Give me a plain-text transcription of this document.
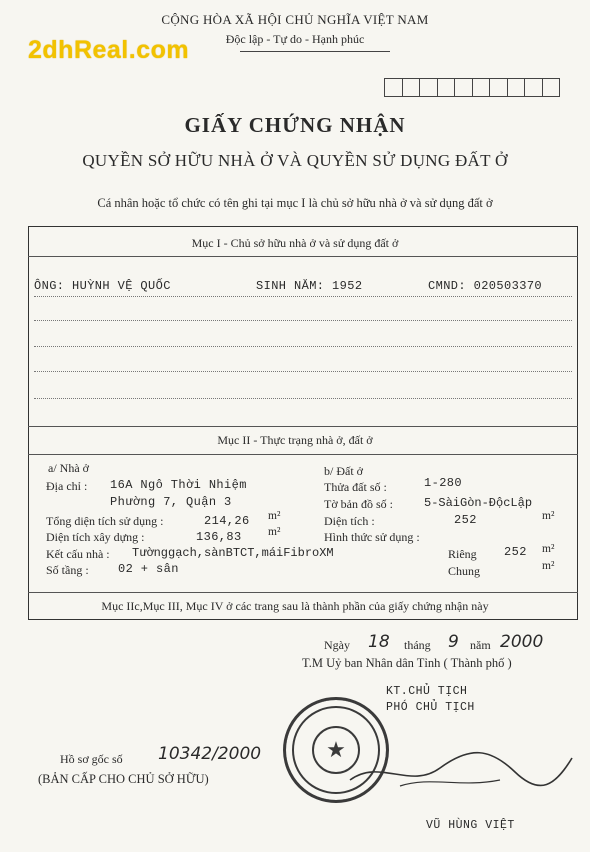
2dhReal.com
CỘNG HÒA XÃ HỘI CHỦ NGHĨA VIỆT NAM
Độc lập - Tự do - Hạnh phúc
GIẤY CHỨNG NHẬN
QUYỀN SỞ HỮU NHÀ Ở VÀ QUYỀN SỬ DỤNG ĐẤT Ở
Cá nhân hoặc tổ chức có tên ghi tại mục I là chủ sở hữu nhà ở và sử dụng đất ở
Mục I - Chủ sở hữu nhà ở và sử dụng đất ở
ÔNG: HUỲNH VỆ QUỐC	SINH NĂM: 1952	CMND: 020503370
Mục II - Thực trạng nhà ở, đất ở
a/ Nhà ở
Địa chỉ : 16A Ngô Thời Nhiệm
Phường 7, Quận 3
Tổng diện tích sử dụng :	214,26 m²
Diện tích xây dựng :	136,83 m²
Kết cấu nhà : Tườnggạch,sànBTCT,máiFibroXM
Số tầng : 02 + sân
b/ Đất ở
Thửa đất số :	1-280
Tờ bản đồ số :	5-SàiGòn-ĐộcLập
Diện tích :	252	m²
Hình thức sử dụng :
Riêng 252 m²
Chung	m²
Mục IIc,Mục III, Mục IV ở các trang sau là thành phần của giấy chứng nhận này
Ngày 18 tháng 9 năm 2000
T.M Uỷ ban Nhân dân Tỉnh ( Thành phố )
KT.CHỦ TỊCH
PHÓ CHỦ TỊCH
★
VŨ HÙNG VIỆT
Hồ sơ gốc số 10342/2000
(BẢN CẤP CHO CHỦ SỞ HỮU)
